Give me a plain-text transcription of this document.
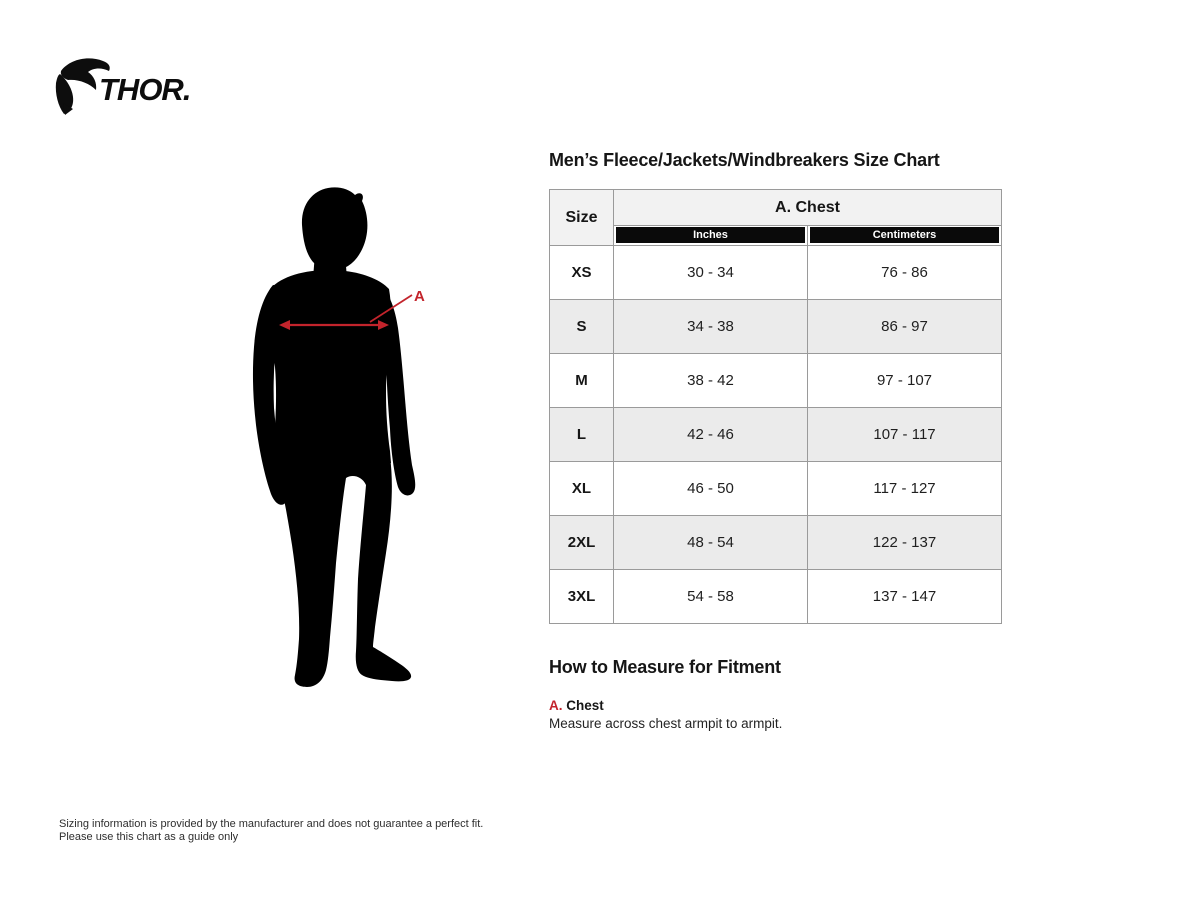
THOR.
A
Men’s Fleece/Jackets/Windbreakers Size Chart
Size	A. Chest	

	Inches	Centimeters

XS	30 - 34	76 - 86
S	34 - 38	86 - 97
M	38 - 42	97 - 107
L	42 - 46	107 - 117
XL	46 - 50	117 - 127
2XL	48 - 54	122 - 137
3XL	54 - 58	137 - 147
How to Measure for Fitment

A. Chest

Measure across chest armpit to armpit.

Sizing information is provided by the manufacturer and does not guarantee a perfect fit.
Please use this chart as a guide only
